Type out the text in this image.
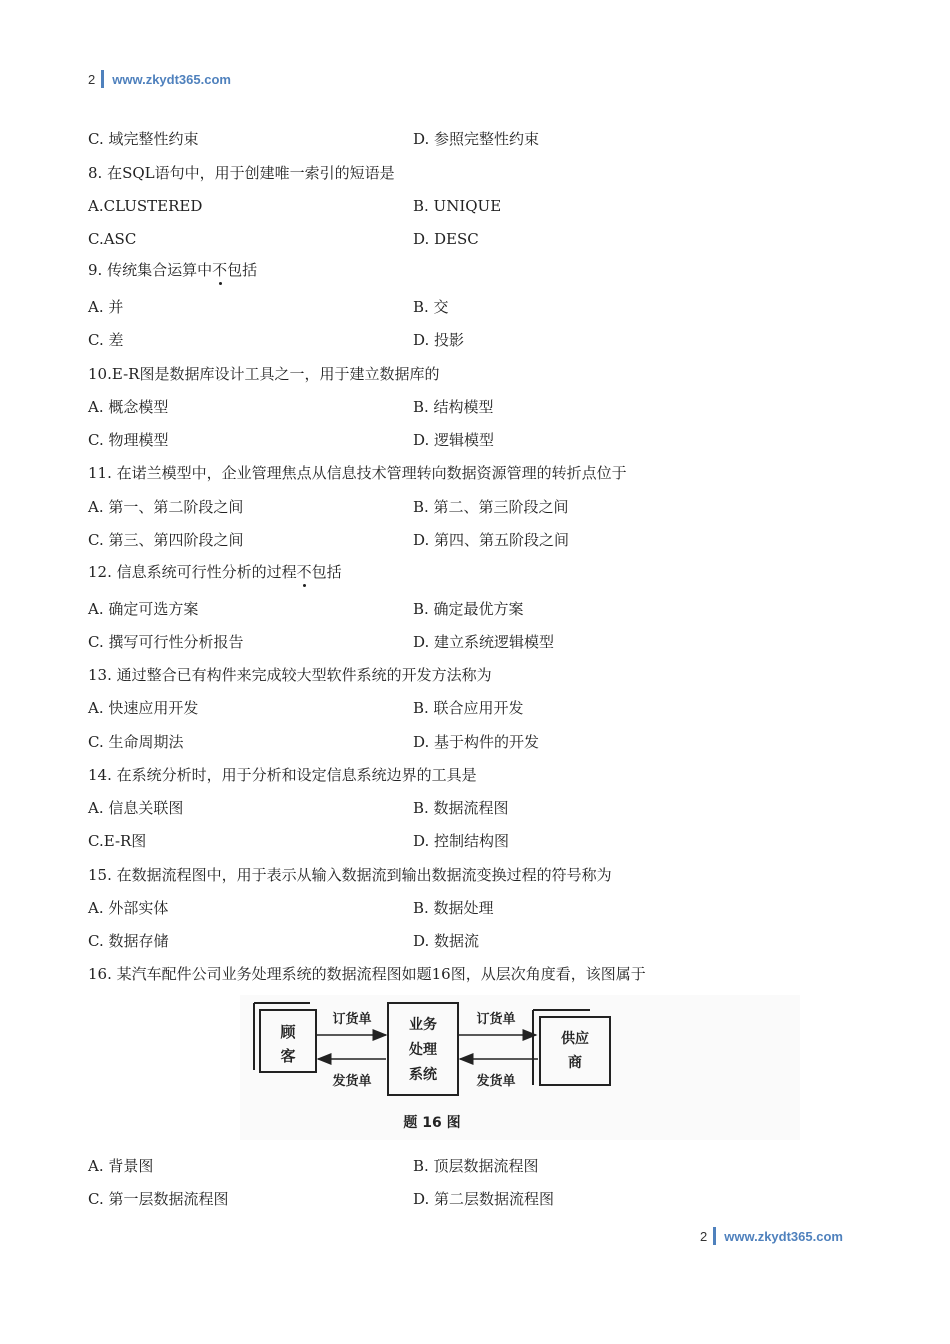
2 www.zkydt365.com
C. 域完整性约束	D. 参照完整性约束
8. 在SQL语句中，用于创建唯一索引的短语是
A.CLUSTERED	B. UNIQUE
C.ASC	D. DESC
9. 传统集合运算中不包括
A. 并	B. 交
C. 差	D. 投影
10.E-R图是数据库设计工具之一，用于建立数据库的
A. 概念模型	B. 结构模型
C. 物理模型	D. 逻辑模型
11. 在诺兰模型中，企业管理焦点从信息技术管理转向数据资源管理的转折点位于
A. 第一、第二阶段之间	B. 第二、第三阶段之间
C. 第三、第四阶段之间	D. 第四、第五阶段之间
12. 信息系统可行性分析的过程不包括
A. 确定可选方案	B. 确定最优方案
C. 撰写可行性分析报告	D. 建立系统逻辑模型
13. 通过整合已有构件来完成较大型软件系统的开发方法称为
A. 快速应用开发	B. 联合应用开发
C. 生命周期法	D. 基于构件的开发
14. 在系统分析时，用于分析和设定信息系统边界的工具是
A. 信息关联图	B. 数据流程图
C.E-R图	D. 控制结构图
15. 在数据流程图中，用于表示从输入数据流到输出数据流变换过程的符号称为
A. 外部实体	B. 数据处理
C. 数据存储	D. 数据流
16. 某汽车配件公司业务处理系统的数据流程图如题16图，从层次角度看，该图属于
顾
客
业务
处理
系统
供应
商
订货单
发货单
订货单
发货单
题 16 图
A. 背景图	B. 顶层数据流程图
C. 第一层数据流程图	D. 第二层数据流程图
2 www.zkydt365.com
